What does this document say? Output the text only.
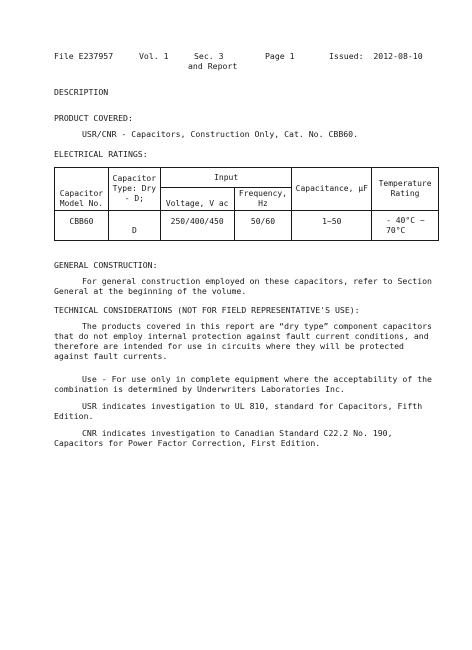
File E237957	Vol. 1	Sec. 3
and Report
Page 1	Issued:  2012-08-10
DESCRIPTION
PRODUCT COVERED:
USR/CNR - Capacitors, Construction Only, Cat. No. CBB60.
ELECTRICAL RATINGS:
Capacitor Model No.	Capacitor Type: Dry - D;	Input		Capacitance, µF	Temperature Rating
		Voltage, V ac	Frequency, Hz		
CBB60	D	250/400/450	50/60	1~50	- 40°C ~ 70°C
GENERAL CONSTRUCTION:
For general construction employed on these capacitors, refer to Section General at the beginning of the volume.
TECHNICAL CONSIDERATIONS (NOT FOR FIELD REPRESENTATIVE'S USE):
The products covered in this report are “dry type” component capacitors that do not employ internal protection against fault current conditions, and therefore are intended for use in circuits where they will be protected against fault currents.
Use - For use only in complete equipment where the acceptability of the combination is determined by Underwriters Laboratories Inc.
USR indicates investigation to UL 810, standard for Capacitors, Fifth Edition.
CNR indicates investigation to Canadian Standard C22.2 No. 190, Capacitors for Power Factor Correction, First Edition.
